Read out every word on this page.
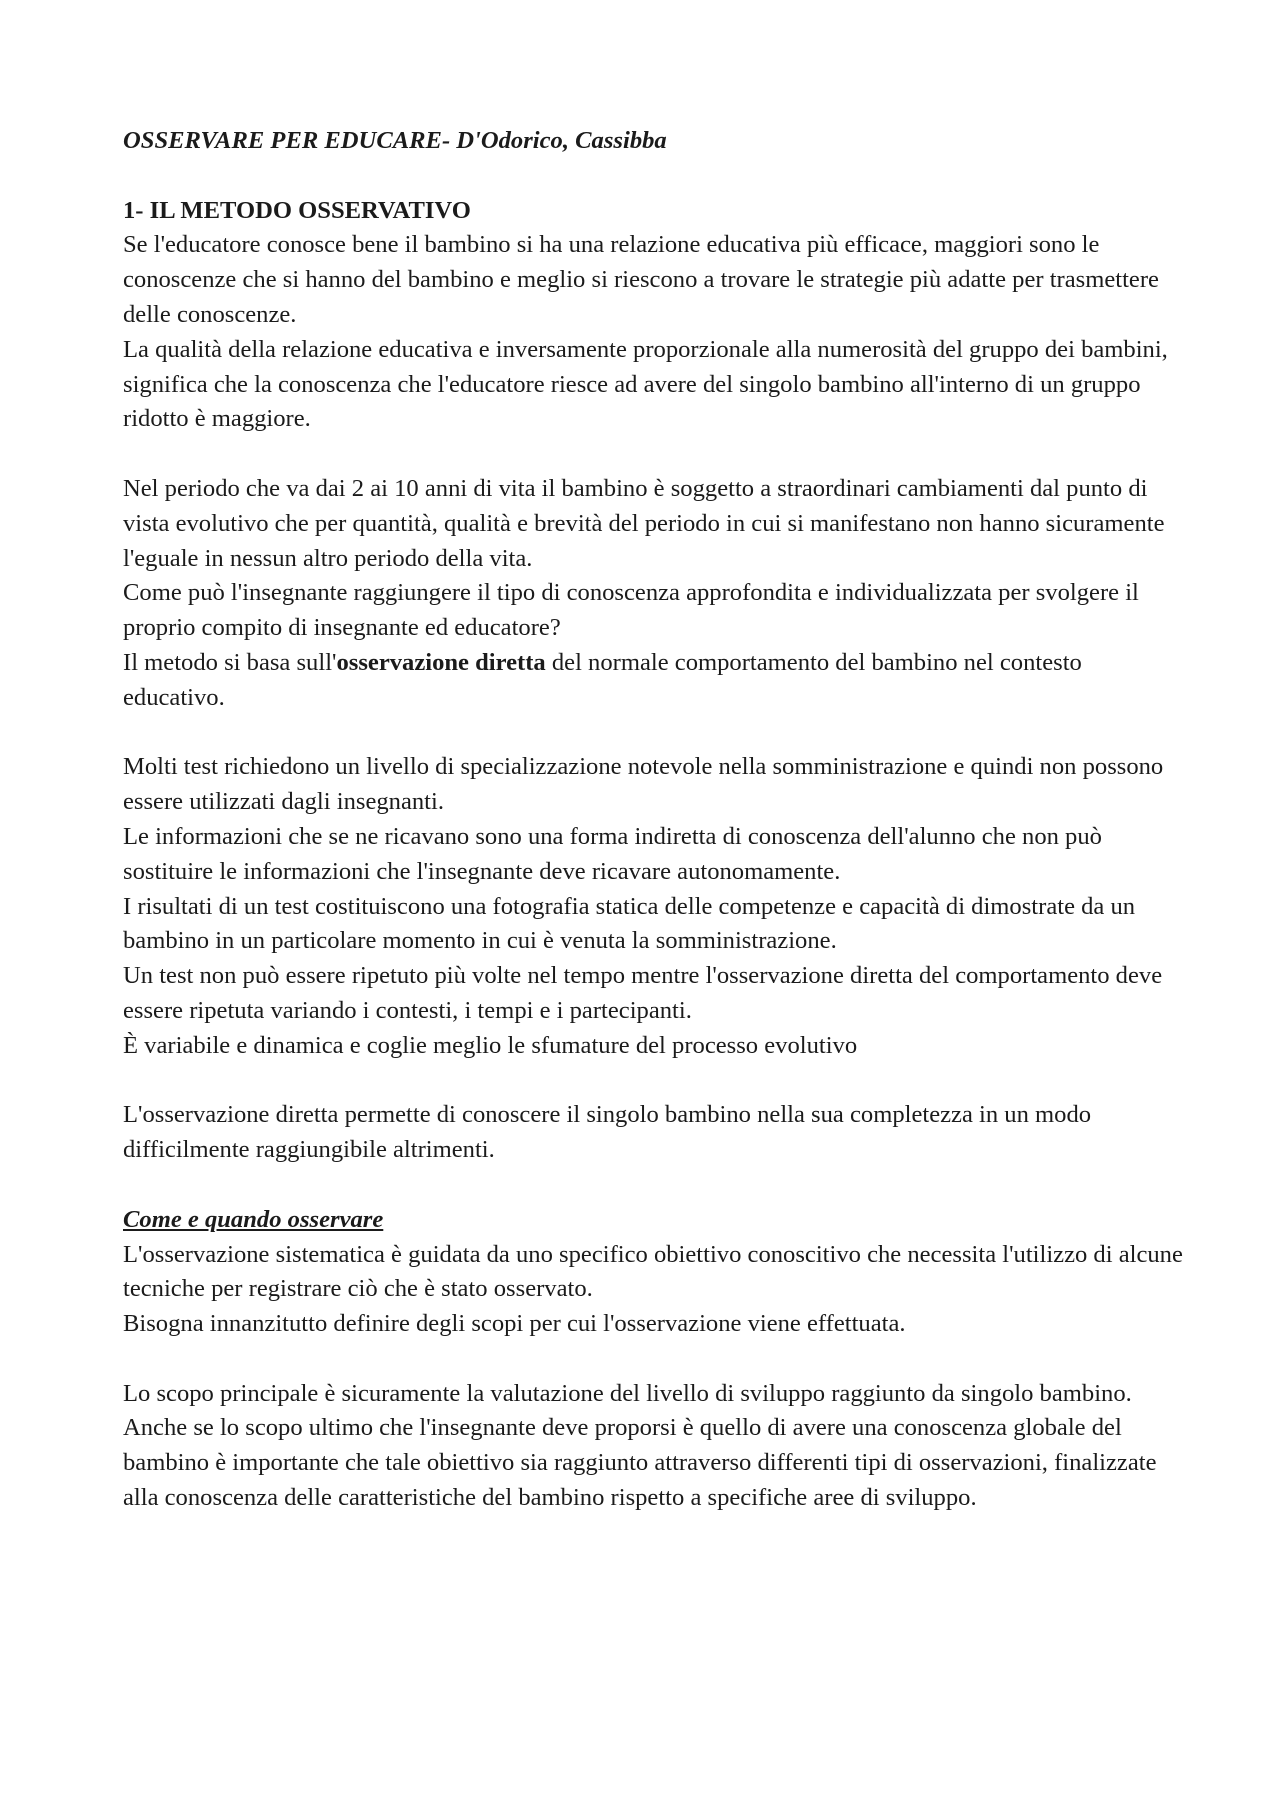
OSSERVARE PER EDUCARE- D'Odorico, Cassibba

1- IL METODO OSSERVATIVO

Se l'educatore conosce bene il bambino si ha una relazione educativa più efficace, maggiori sono le conoscenze che si hanno del bambino e meglio si riescono a trovare le strategie più adatte per trasmettere delle conoscenze.

La qualità della relazione educativa e inversamente proporzionale alla numerosità del gruppo dei bambini, significa che la conoscenza che l'educatore riesce ad avere del singolo bambino all'interno di un gruppo ridotto è maggiore.

Nel periodo che va dai 2 ai 10 anni di vita il bambino è soggetto a straordinari cambiamenti dal punto di vista evolutivo che per quantità, qualità e brevità del periodo in cui si manifestano non hanno sicuramente l'eguale in nessun altro periodo della vita.

Come può l'insegnante raggiungere il tipo di conoscenza approfondita e individualizzata per svolgere il proprio compito di insegnante ed educatore?

Il metodo si basa sull'osservazione diretta del normale comportamento del bambino nel contesto educativo.

Molti test richiedono un livello di specializzazione notevole nella somministrazione e quindi non possono essere utilizzati dagli insegnanti.

Le informazioni che se ne ricavano sono una forma indiretta di conoscenza dell'alunno che non può sostituire le informazioni che l'insegnante deve ricavare autonomamente.

I risultati di un test costituiscono una fotografia statica delle competenze e capacità di dimostrate da un bambino in un particolare momento in cui è venuta la somministrazione.

Un test non può essere ripetuto più volte nel tempo mentre l'osservazione diretta del comportamento deve essere ripetuta variando i contesti, i tempi e i partecipanti.

È variabile e dinamica e coglie meglio le sfumature del processo evolutivo

L'osservazione diretta permette di conoscere il singolo bambino nella sua completezza in un modo difficilmente raggiungibile altrimenti.

Come e quando osservare

L'osservazione sistematica è guidata da uno specifico obiettivo conoscitivo che necessita l'utilizzo di alcune tecniche per registrare ciò che è stato osservato.

Bisogna innanzitutto definire degli scopi per cui l'osservazione viene effettuata.

Lo scopo principale è sicuramente la valutazione del livello di sviluppo raggiunto da singolo bambino.

Anche se lo scopo ultimo che l'insegnante deve proporsi è quello di avere una conoscenza globale del bambino è importante che tale obiettivo sia raggiunto attraverso differenti tipi di osservazioni, finalizzate alla conoscenza delle caratteristiche del bambino rispetto a specifiche aree di sviluppo.
